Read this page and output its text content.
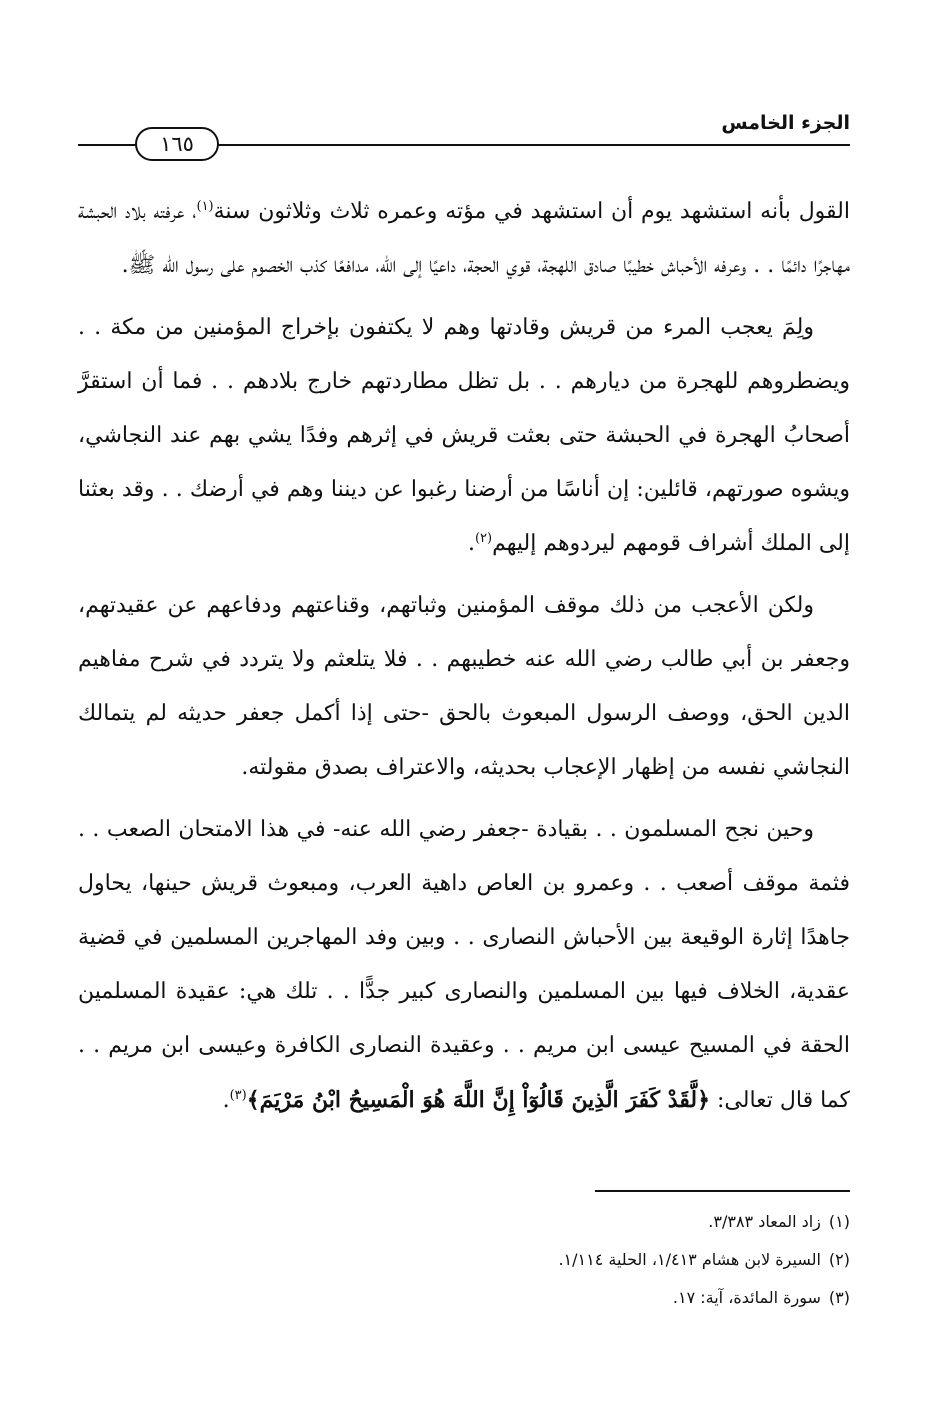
الجزء الخامس
١٦٥

القول بأنه استشهد يوم أن استشهد في مؤته وعمره ثلاث وثلاثون سنة$^{(١)}$، عرفته بلاد الحبشة مهاجرًا دائمًا . . وعرفه الأحباش خطيبًا صادق اللهجة، قوي الحجة، داعيًا إلى الله، مدافعًا كذب الخصوم على رسول الله ﷺ.

ولِمَ يعجب المرء من قريش وقادتها وهم لا يكتفون بإخراج المؤمنين من مكة . . ويضطروهم للهجرة من ديارهم . . بل تظل مطاردتهم خارج بلادهم . . فما أن استقرَّ أصحابُ الهجرة في الحبشة حتى بعثت قريش في إثرهم وفدًا يشي بهم عند النجاشي، ويشوه صورتهم، قائلين: إن أناسًا من أرضنا رغبوا عن ديننا وهم في أرضك . . وقد بعثنا إلى الملك أشراف قومهم ليردوهم إليهم$^{(٢)}$.

ولكن الأعجب من ذلك موقف المؤمنين وثباتهم، وقناعتهم ودفاعهم عن عقيدتهم، وجعفر بن أبي طالب رضي الله عنه خطيبهم . . فلا يتلعثم ولا يتردد في شرح مفاهيم الدين الحق، ووصف الرسول المبعوث بالحق -حتى إذا أكمل جعفر حديثه لم يتمالك النجاشي نفسه من إظهار الإعجاب بحديثه، والاعتراف بصدق مقولته.

وحين نجح المسلمون . . بقيادة -جعفر رضي الله عنه- في هذا الامتحان الصعب . . فثمة موقف أصعب . . وعمرو بن العاص داهية العرب، ومبعوث قريش حينها، يحاول جاهدًا إثارة الوقيعة بين الأحباش النصارى . . وبين وفد المهاجرين المسلمين في قضية عقدية، الخلاف فيها بين المسلمين والنصارى كبير جدًّا . . تلك هي: عقيدة المسلمين الحقة في المسيح عيسى ابن مريم . . وعقيدة النصارى الكافرة وعيسى ابن مريم . . كما قال تعالى: ﴿لَّقَدْ كَفَرَ الَّذِينَ قَالُوٓاْ إِنَّ اللَّهَ هُوَ الْمَسِيحُ ابْنُ مَرْيَمَ﴾$^{(٣)}$.

(١)زاد المعاد ٣/٣٨٣.
(٢)السيرة لابن هشام ١/٤١٣، الحلية ١/١١٤.
(٣)سورة المائدة، آية: ١٧.
